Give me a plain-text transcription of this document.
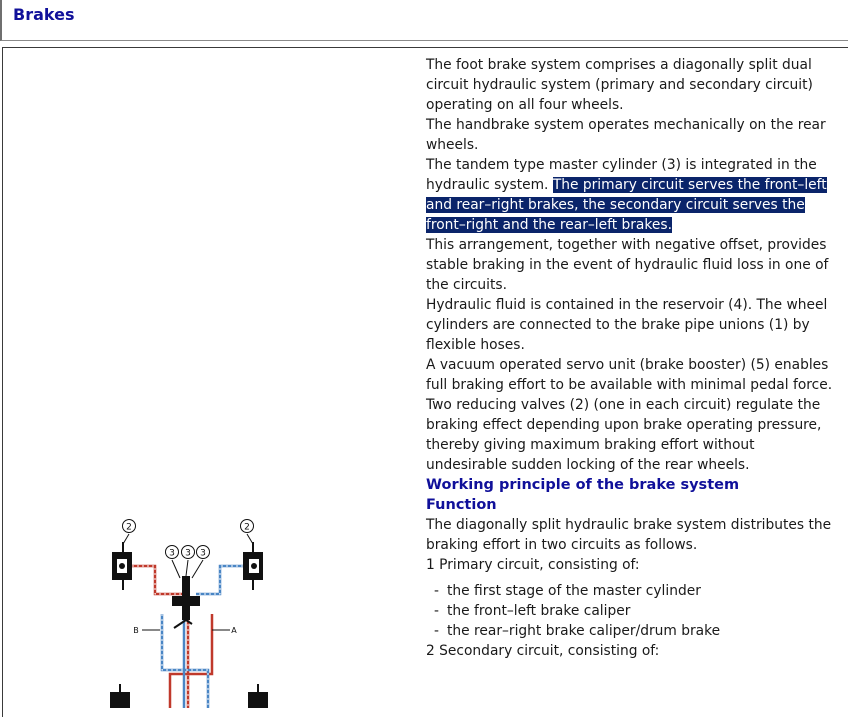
Brakes

The foot brake system comprises a diagonally split dual circuit hydraulic system (primary and secondary circuit) operating on all four wheels.

The handbrake system operates mechanically on the rear wheels.

The tandem type master cylinder (3) is integrated in the hydraulic system. The primary circuit serves the front–left and rear–right brakes, the secondary circuit serves the front–right and the rear–left brakes.

This arrangement, together with negative offset, provides stable braking in the event of hydraulic fluid loss in one of the circuits.

Hydraulic fluid is contained in the reservoir (4). The wheel cylinders are connected to the brake pipe unions (1) by flexible hoses.

A vacuum operated servo unit (brake booster) (5) enables full braking effort to be available with minimal pedal force.

Two reducing valves (2) (one in each circuit) regulate the braking effect depending upon brake operating pressure, thereby giving maximum braking effort without undesirable sudden locking of the rear wheels.

Working principle of the brake system

Function

The diagonally split hydraulic brake system distributes the braking effort in two circuits as follows.

1 Primary circuit, consisting of:

- the first stage of the master cylinder
- the front–left brake caliper
- the rear–right brake caliper/drum brake

2 Secondary circuit, consisting of:

2	2
3 3 3
B	A
